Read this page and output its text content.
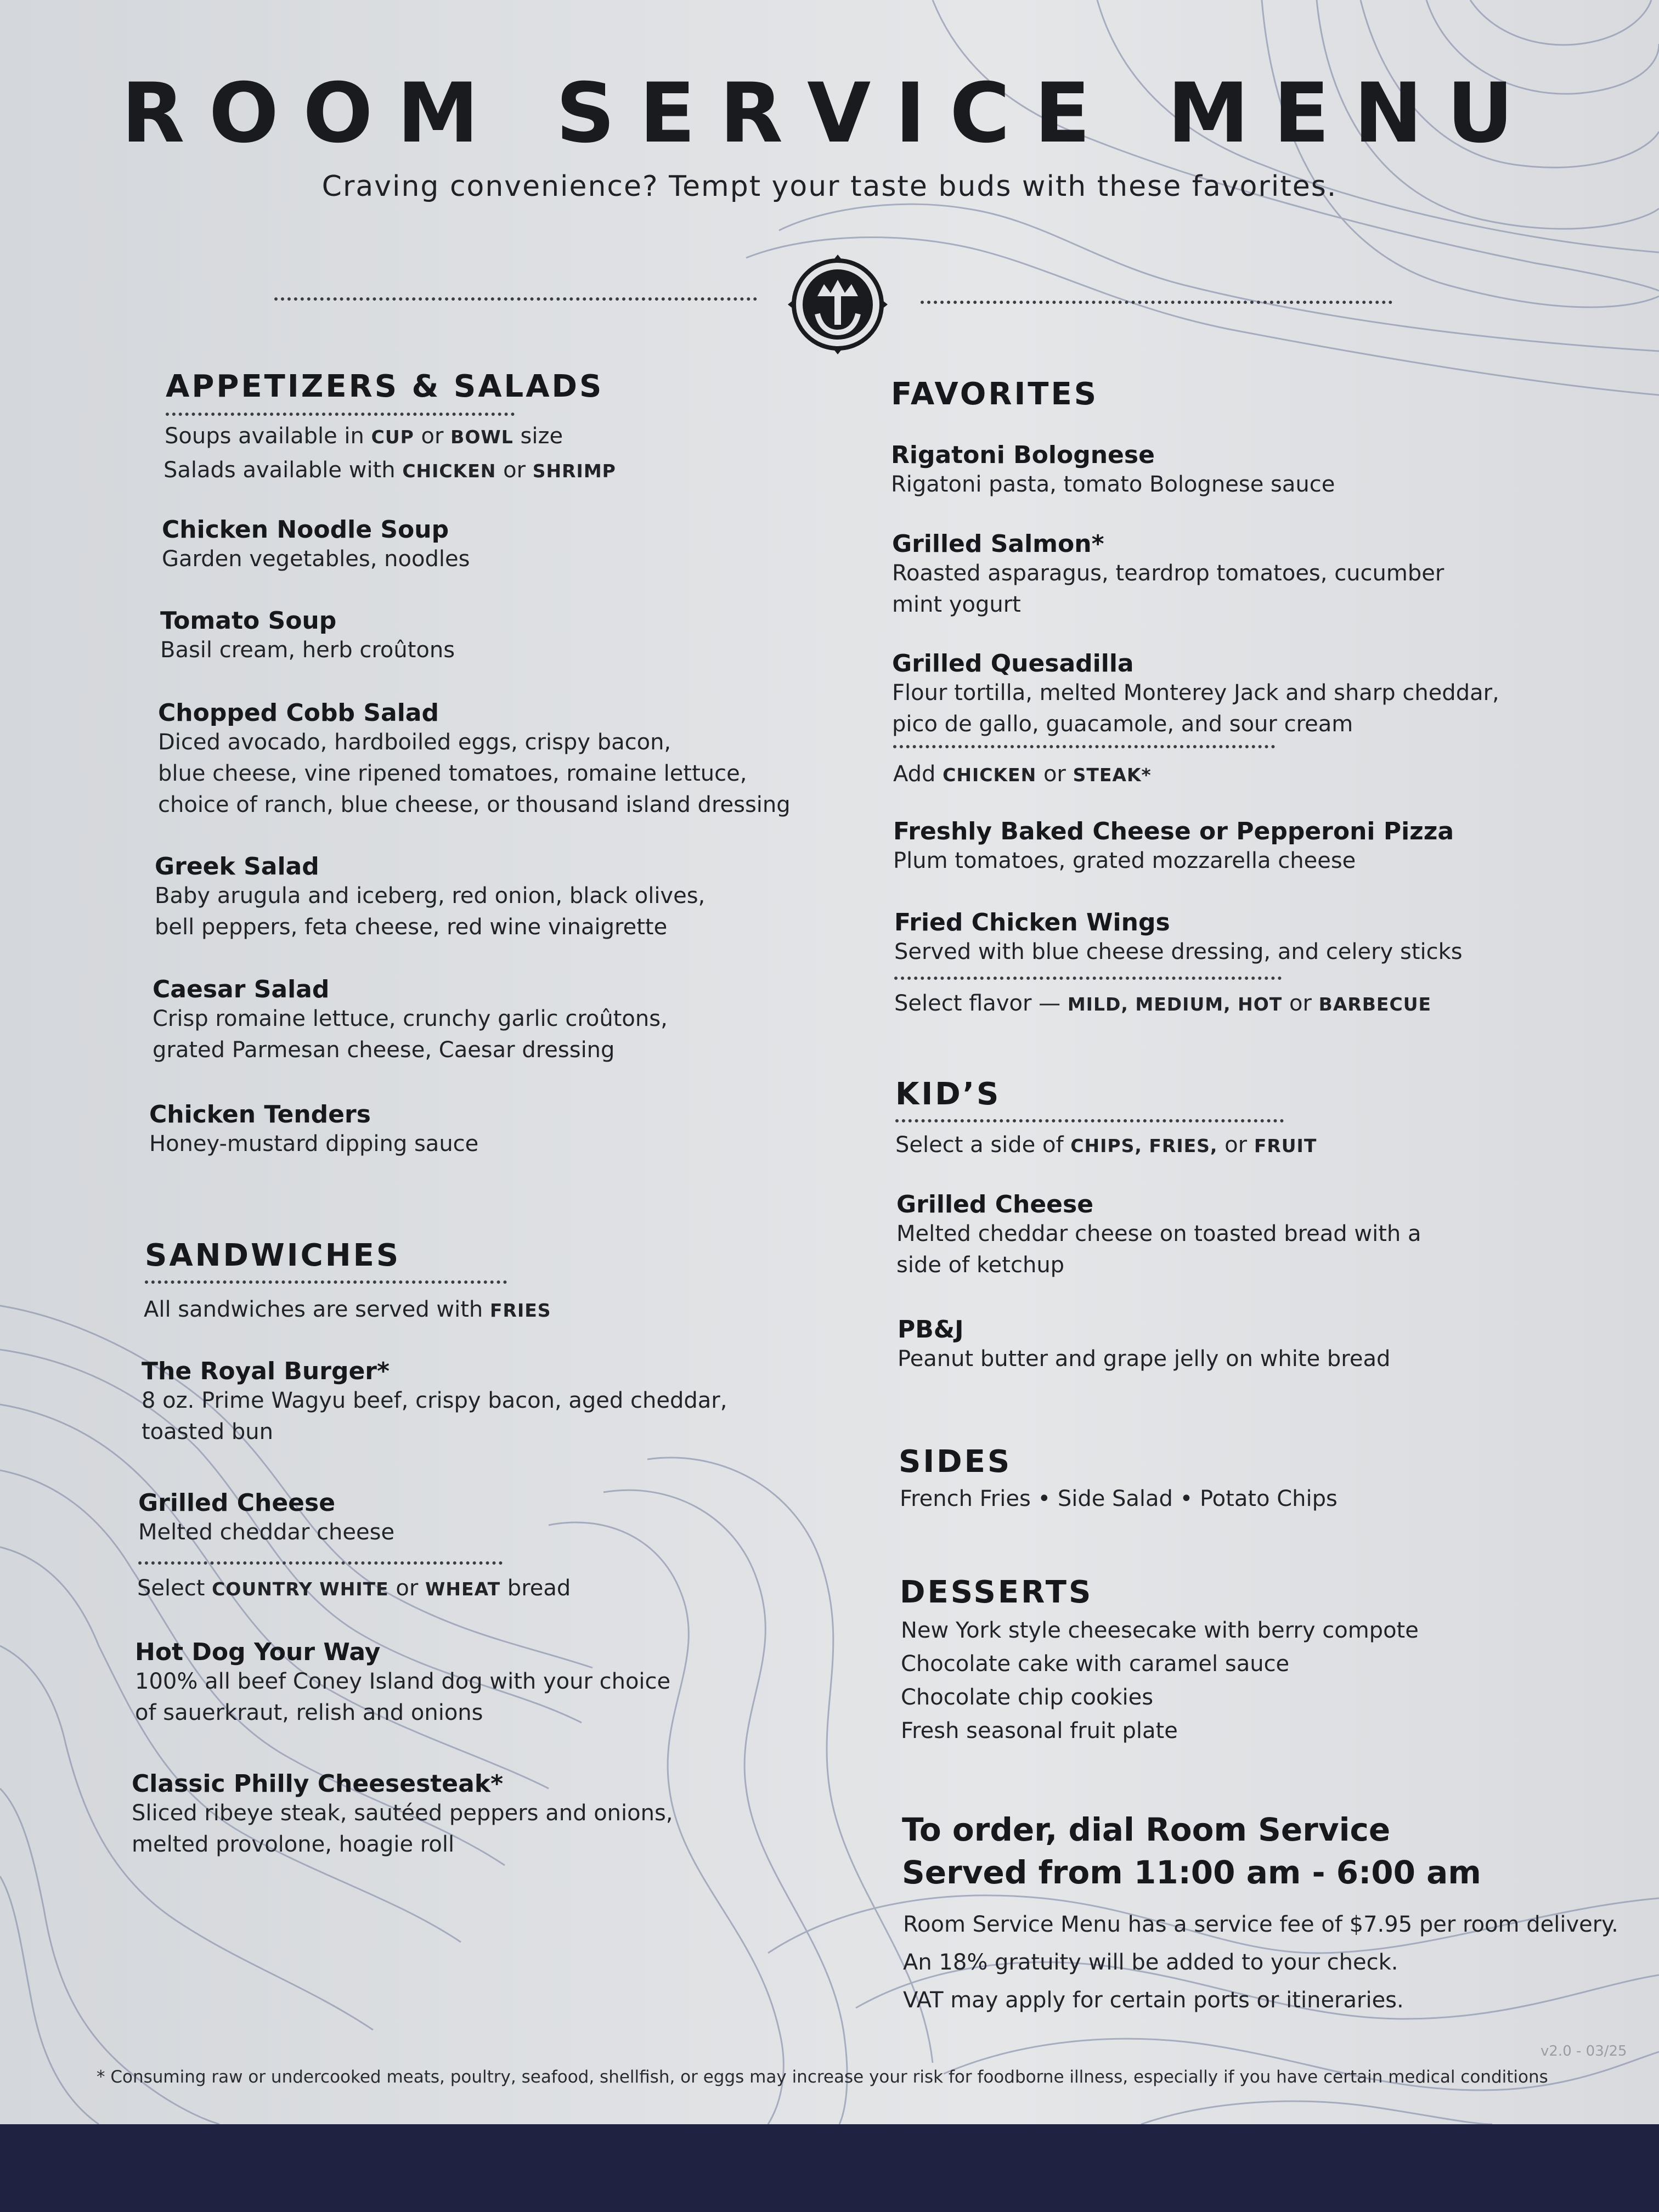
ROOM SERVICE MENU
Craving convenience? Tempt your taste buds with these favorites.
APPETIZERS & SALADS
Soups available in CUP or BOWL size
Salads available with CHICKEN or SHRIMP
Chicken Noodle Soup
Garden vegetables, noodles
Tomato Soup
Basil cream, herb croûtons
Chopped Cobb Salad
Diced avocado, hardboiled eggs, crispy bacon,
blue cheese, vine ripened tomatoes, romaine lettuce,
choice of ranch, blue cheese, or thousand island dressing
Greek Salad
Baby arugula and iceberg, red onion, black olives,
bell peppers, feta cheese, red wine vinaigrette
Caesar Salad
Crisp romaine lettuce, crunchy garlic croûtons,
grated Parmesan cheese, Caesar dressing
Chicken Tenders
Honey-mustard dipping sauce
SANDWICHES
All sandwiches are served with FRIES
The Royal Burger*
8 oz. Prime Wagyu beef, crispy bacon, aged cheddar,
toasted bun
Grilled Cheese
Melted cheddar cheese
Select COUNTRY WHITE or WHEAT bread
Hot Dog Your Way
100% all beef Coney Island dog with your choice
of sauerkraut, relish and onions
Classic Philly Cheesesteak*
Sliced ribeye steak, sautéed peppers and onions,
melted provolone, hoagie roll
FAVORITES
Rigatoni Bolognese
Rigatoni pasta, tomato Bolognese sauce
Grilled Salmon*
Roasted asparagus, teardrop tomatoes, cucumber
mint yogurt
Grilled Quesadilla
Flour tortilla, melted Monterey Jack and sharp cheddar,
pico de gallo, guacamole, and sour cream
Add CHICKEN or STEAK*
Freshly Baked Cheese or Pepperoni Pizza
Plum tomatoes, grated mozzarella cheese
Fried Chicken Wings
Served with blue cheese dressing, and celery sticks
Select flavor — MILD, MEDIUM, HOT or BARBECUE
KID’S
Select a side of CHIPS, FRIES, or FRUIT
Grilled Cheese
Melted cheddar cheese on toasted bread with a
side of ketchup
PB&J
Peanut butter and grape jelly on white bread
SIDES
French Fries • Side Salad • Potato Chips
DESSERTS
New York style cheesecake with berry compote
Chocolate cake with caramel sauce
Chocolate chip cookies
Fresh seasonal fruit plate
To order, dial Room Service
Served from 11:00 am - 6:00 am
Room Service Menu has a service fee of $7.95 per room delivery.
An 18% gratuity will be added to your check.
VAT may apply for certain ports or itineraries.
v2.0 - 03/25
* Consuming raw or undercooked meats, poultry, seafood, shellfish, or eggs may increase your risk for foodborne illness, especially if you have certain medical conditions
